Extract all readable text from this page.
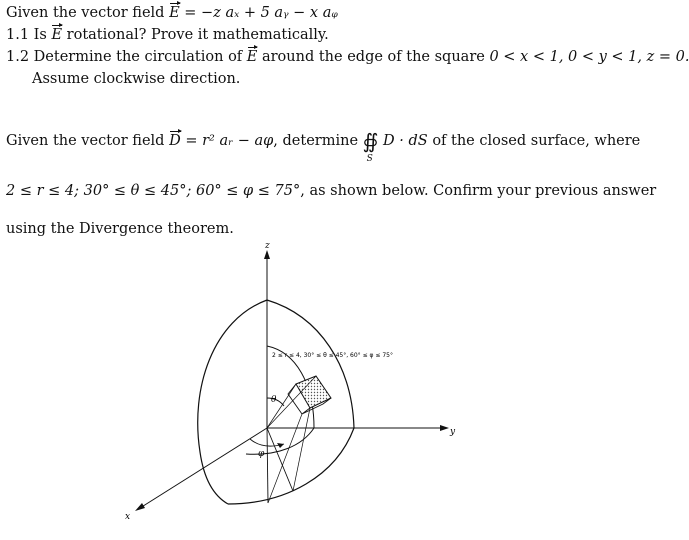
Given the vector field E = −z aₓ + 5 aᵧ − x aᵩ
1.1 Is E rotational? Prove it mathematically.
1.2 Determine the circulation of E around the edge of the square 0 < x < 1, 0 < y < 1, z = 0.
Assume clockwise direction.
Given the vector field D = r² aᵣ − aφ, determine ∯
S
D · dS of the closed surface, where
2 ≤ r ≤ 4; 30° ≤ θ ≤ 45°; 60° ≤ φ ≤ 75°, as shown below. Confirm your previous answer
using the Divergence theorem.
z
y
x
θ
φ
2 ≤ r ≤ 4, 30° ≤ θ ≤ 45°, 60° ≤ φ ≤ 75°
